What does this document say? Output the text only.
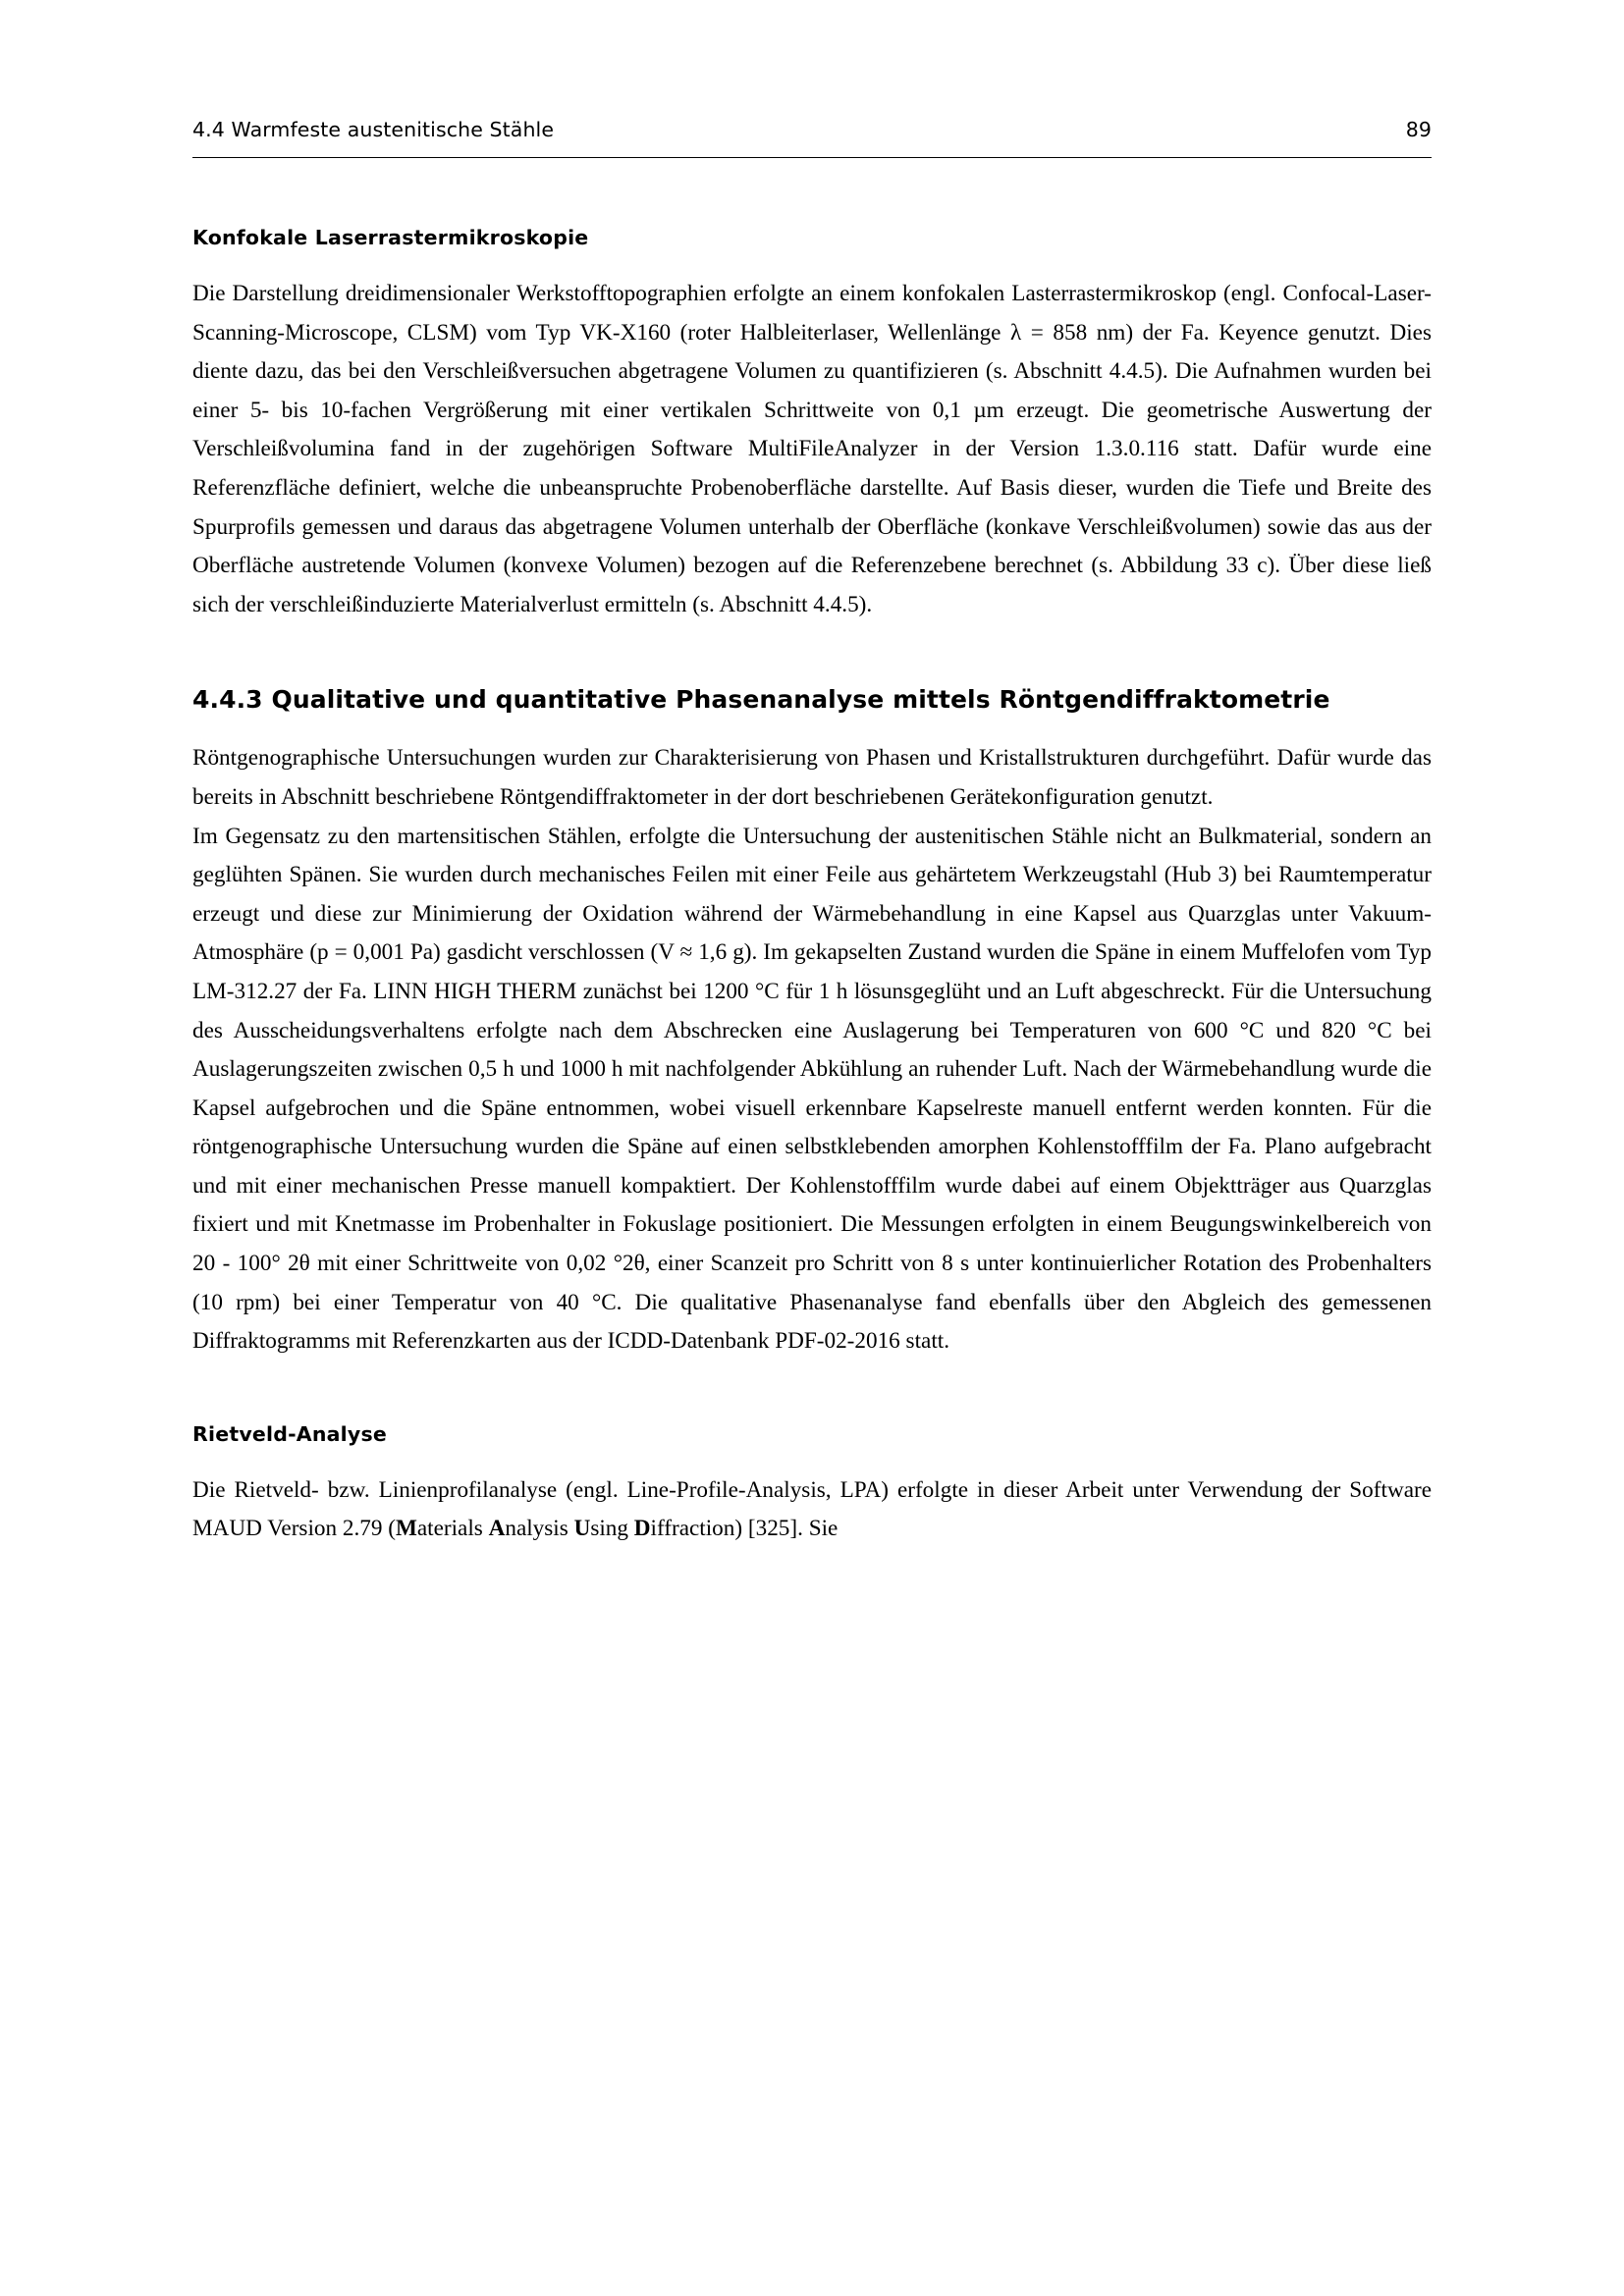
4.4 Warmfeste austenitische Stähle	89
Konfokale Laserrastermikroskopie

Die Darstellung dreidimensionaler Werkstofftopographien erfolgte an einem konfokalen Lasterrastermikroskop (engl. Confocal-Laser-Scanning-Microscope, CLSM) vom Typ VK-X160 (roter Halbleiterlaser, Wellenlänge λ = 858 nm) der Fa. Keyence genutzt. Dies diente dazu, das bei den Verschleißversuchen abgetragene Volumen zu quantifizieren (s. Abschnitt 4.4.5). Die Aufnahmen wurden bei einer 5- bis 10-fachen Vergrößerung mit einer vertikalen Schrittweite von 0,1 µm erzeugt. Die geometrische Auswertung der Verschleißvolumina fand in der zugehörigen Software MultiFileAnalyzer in der Version 1.3.0.116 statt. Dafür wurde eine Referenzfläche definiert, welche die unbeanspruchte Probenoberfläche darstellte. Auf Basis dieser, wurden die Tiefe und Breite des Spurprofils gemessen und daraus das abgetragene Volumen unterhalb der Oberfläche (konkave Verschleißvolumen) sowie das aus der Oberfläche austretende Volumen (konvexe Volumen) bezogen auf die Referenzebene berechnet (s. Abbildung 33 c). Über diese ließ sich der verschleißinduzierte Materialverlust ermitteln (s. Abschnitt 4.4.5).

4.4.3 Qualitative und quantitative Phasenanalyse mittels Röntgendiffraktometrie

Röntgenographische Untersuchungen wurden zur Charakterisierung von Phasen und Kristallstrukturen durchgeführt. Dafür wurde das bereits in Abschnitt beschriebene Röntgendiffraktometer in der dort beschriebenen Gerätekonfiguration genutzt.

Im Gegensatz zu den martensitischen Stählen, erfolgte die Untersuchung der austenitischen Stähle nicht an Bulkmaterial, sondern an geglühten Spänen. Sie wurden durch mechanisches Feilen mit einer Feile aus gehärtetem Werkzeugstahl (Hub 3) bei Raumtemperatur erzeugt und diese zur Minimierung der Oxidation während der Wärmebehandlung in eine Kapsel aus Quarzglas unter Vakuum-Atmosphäre (p = 0,001 Pa) gasdicht verschlossen (V ≈ 1,6 g). Im gekapselten Zustand wurden die Späne in einem Muffelofen vom Typ LM-312.27 der Fa. LINN HIGH THERM zunächst bei 1200 °C für 1 h lösunsgeglüht und an Luft abgeschreckt. Für die Untersuchung des Ausscheidungsverhaltens erfolgte nach dem Abschrecken eine Auslagerung bei Temperaturen von 600 °C und 820 °C bei Auslagerungszeiten zwischen 0,5 h und 1000 h mit nachfolgender Abkühlung an ruhender Luft. Nach der Wärmebehandlung wurde die Kapsel aufgebrochen und die Späne entnommen, wobei visuell erkennbare Kapselreste manuell entfernt werden konnten. Für die röntgenographische Untersuchung wurden die Späne auf einen selbstklebenden amorphen Kohlenstofffilm der Fa. Plano aufgebracht und mit einer mechanischen Presse manuell kompaktiert. Der Kohlenstofffilm wurde dabei auf einem Objektträger aus Quarzglas fixiert und mit Knetmasse im Probenhalter in Fokuslage positioniert. Die Messungen erfolgten in einem Beugungswinkelbereich von 20 - 100° 2θ mit einer Schrittweite von 0,02 °2θ, einer Scanzeit pro Schritt von 8 s unter kontinuierlicher Rotation des Probenhalters (10 rpm) bei einer Temperatur von 40 °C. Die qualitative Phasenanalyse fand ebenfalls über den Abgleich des gemessenen Diffraktogramms mit Referenzkarten aus der ICDD-Datenbank PDF-02-2016 statt.

Rietveld-Analyse

Die Rietveld- bzw. Linienprofilanalyse (engl. Line-Profile-Analysis, LPA) erfolgte in dieser Arbeit unter Verwendung der Software MAUD Version 2.79 (Materials Analysis Using Diffraction) [325]. Sie
